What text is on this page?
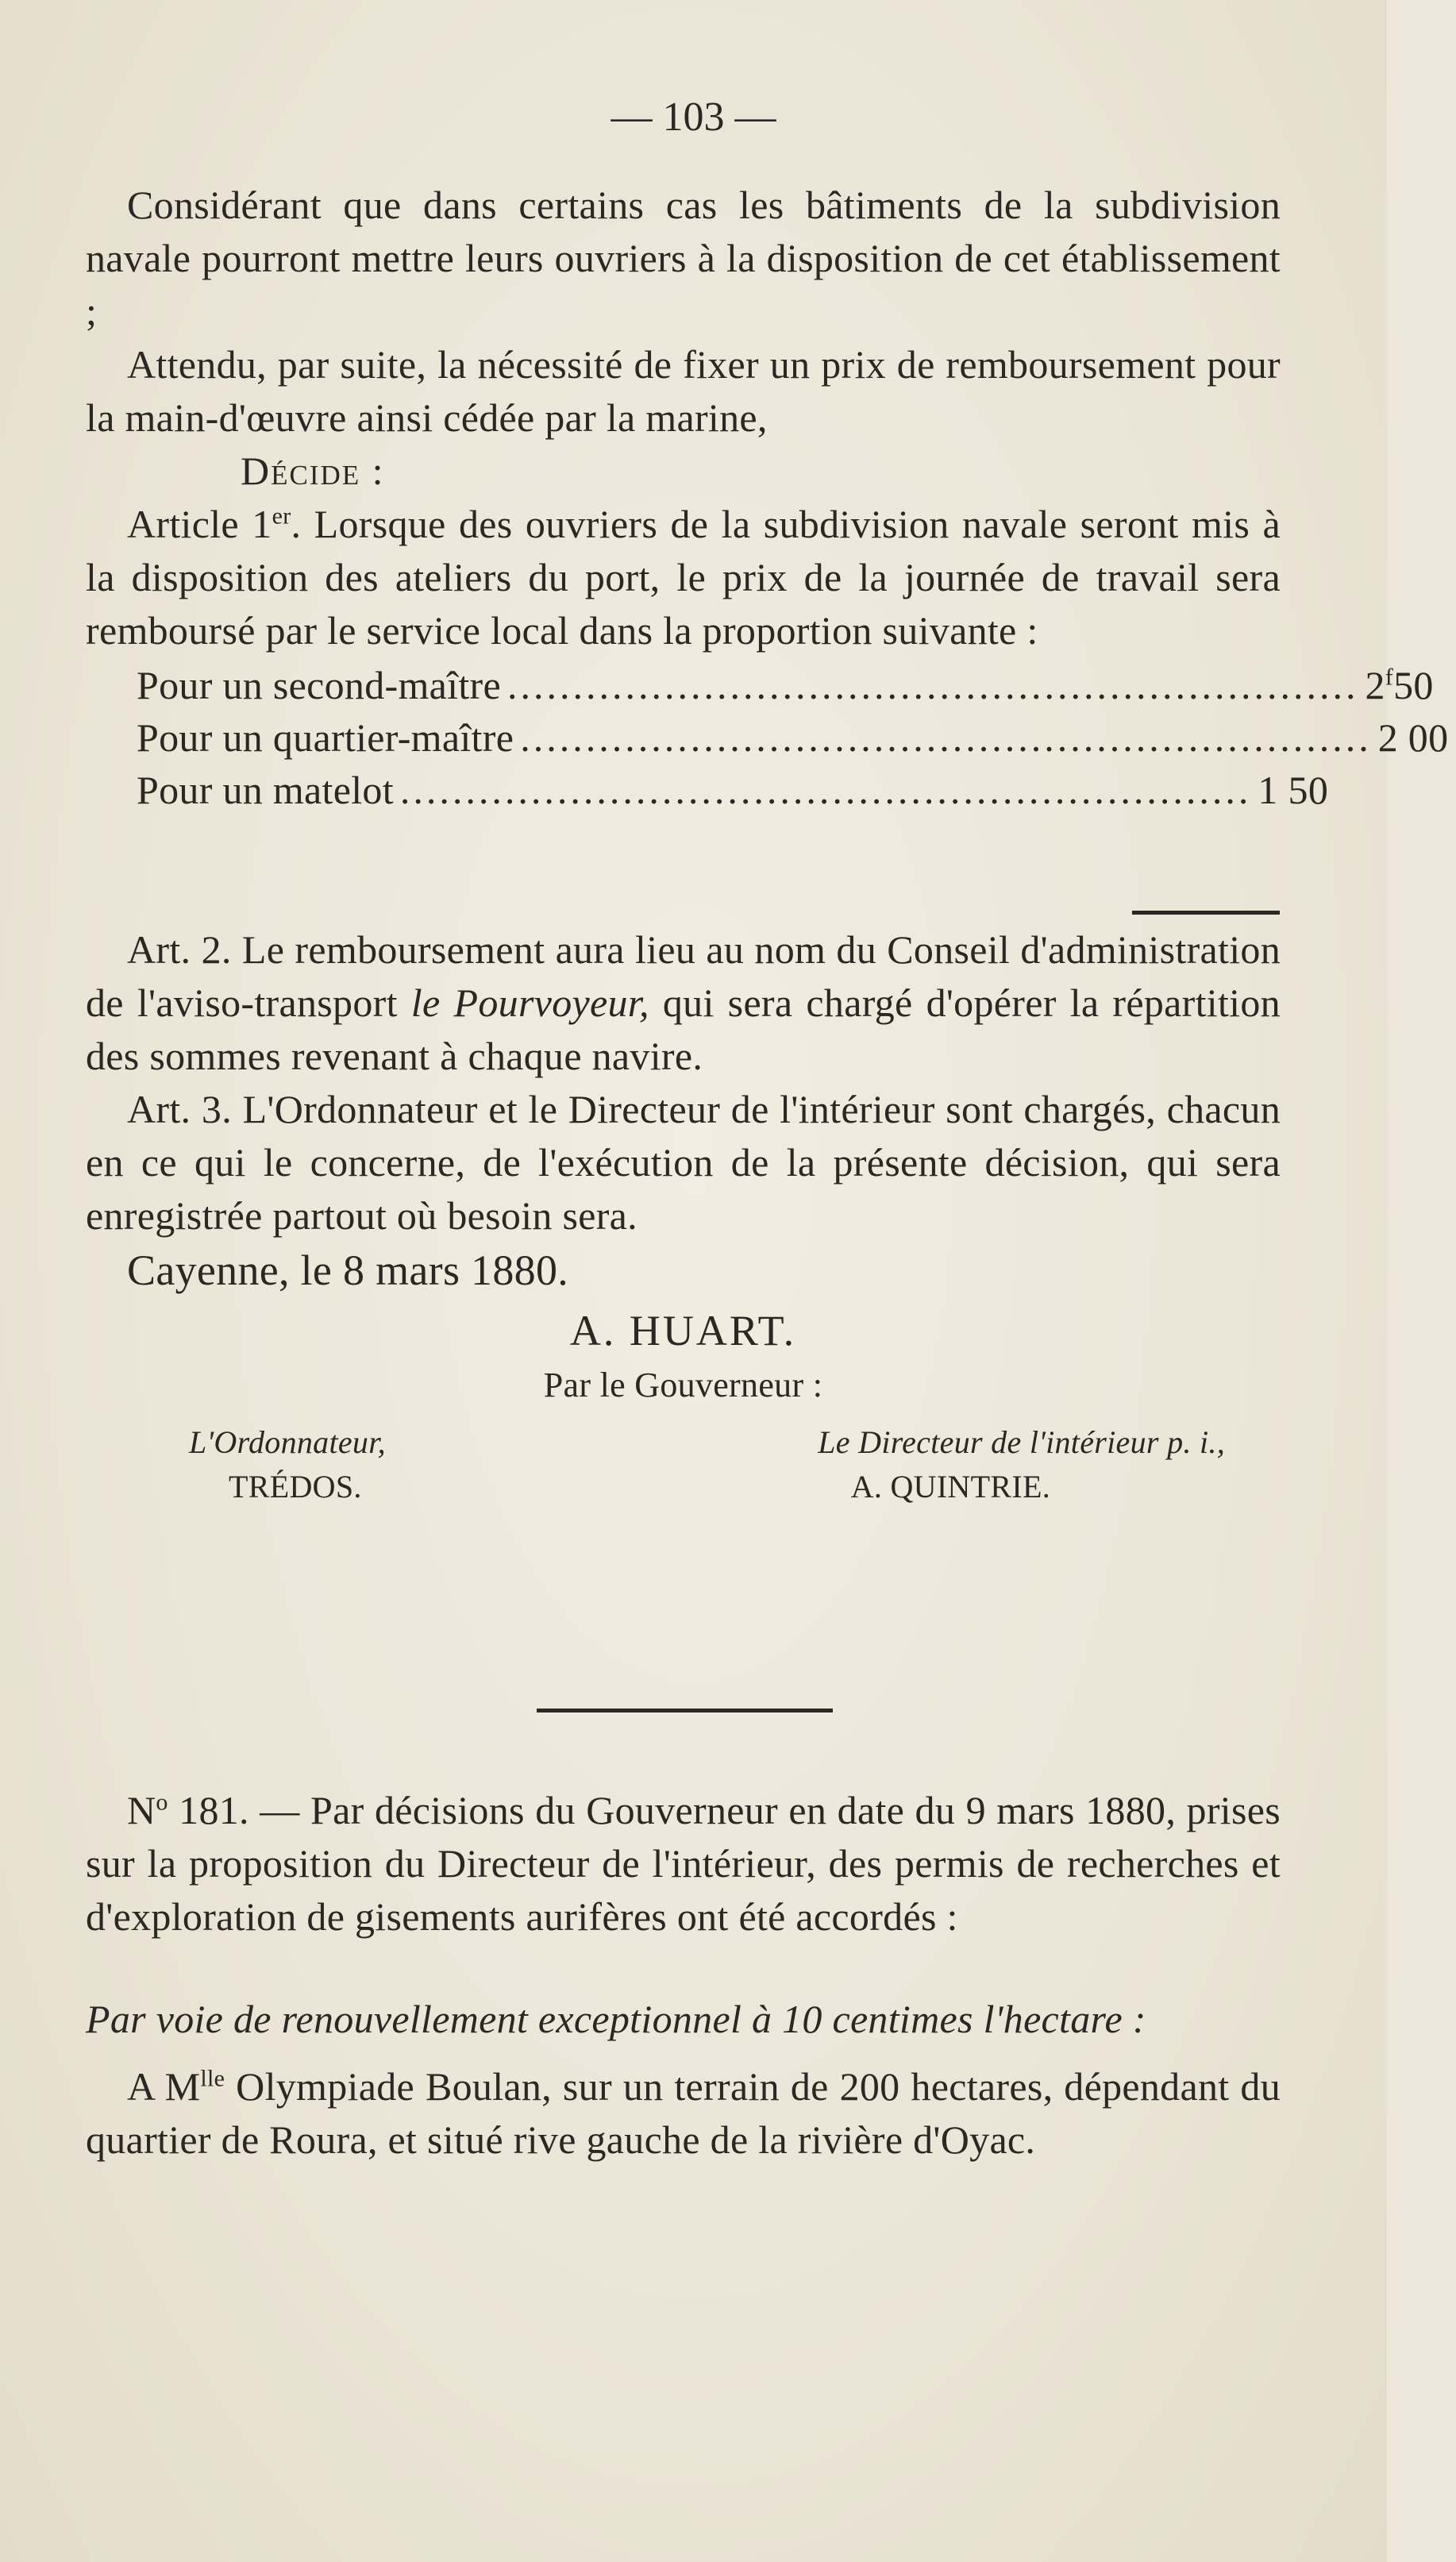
— 103 —

Considérant que dans certains cas les bâtiments de la subdivision navale pourront mettre leurs ouvriers à la disposition de cet établissement ;

Attendu, par suite, la nécessité de fixer un prix de remboursement pour la main-d'œuvre ainsi cédée par la marine,

Décide :

Article 1er. Lorsque des ouvriers de la subdivision navale seront mis à la disposition des ateliers du port, le prix de la journée de travail sera remboursé par le service local dans la proportion suivante :

Pour un second-maître ................................................................. 2$^f$50
Pour un quartier-maître ................................................................. 2 00
Pour un matelot ................................................................. 1 50

Art. 2. Le remboursement aura lieu au nom du Conseil d'administration de l'aviso-transport le Pourvoyeur, qui sera chargé d'opérer la répartition des sommes revenant à chaque navire.

Art. 3. L'Ordonnateur et le Directeur de l'intérieur sont chargés, chacun en ce qui le concerne, de l'exécution de la présente décision, qui sera enregistrée partout où besoin sera.

Cayenne, le 8 mars 1880.

A. HUART.

Par le Gouverneur :

L'Ordonnateur,	Le Directeur de l'intérieur p. i.,
TRÉDOS.	A. QUINTRIE.

$N^o$ 181. — Par décisions du Gouverneur en date du 9 mars 1880, prises sur la proposition du Directeur de l'intérieur, des permis de recherches et d'exploration de gisements aurifères ont été accordés :

Par voie de renouvellement exceptionnel à 10 centimes l'hectare :

A $M^{lle}$ Olympiade Boulan, sur un terrain de 200 hectares, dépendant du quartier de Roura, et situé rive gauche de la rivière d'Oyac.
